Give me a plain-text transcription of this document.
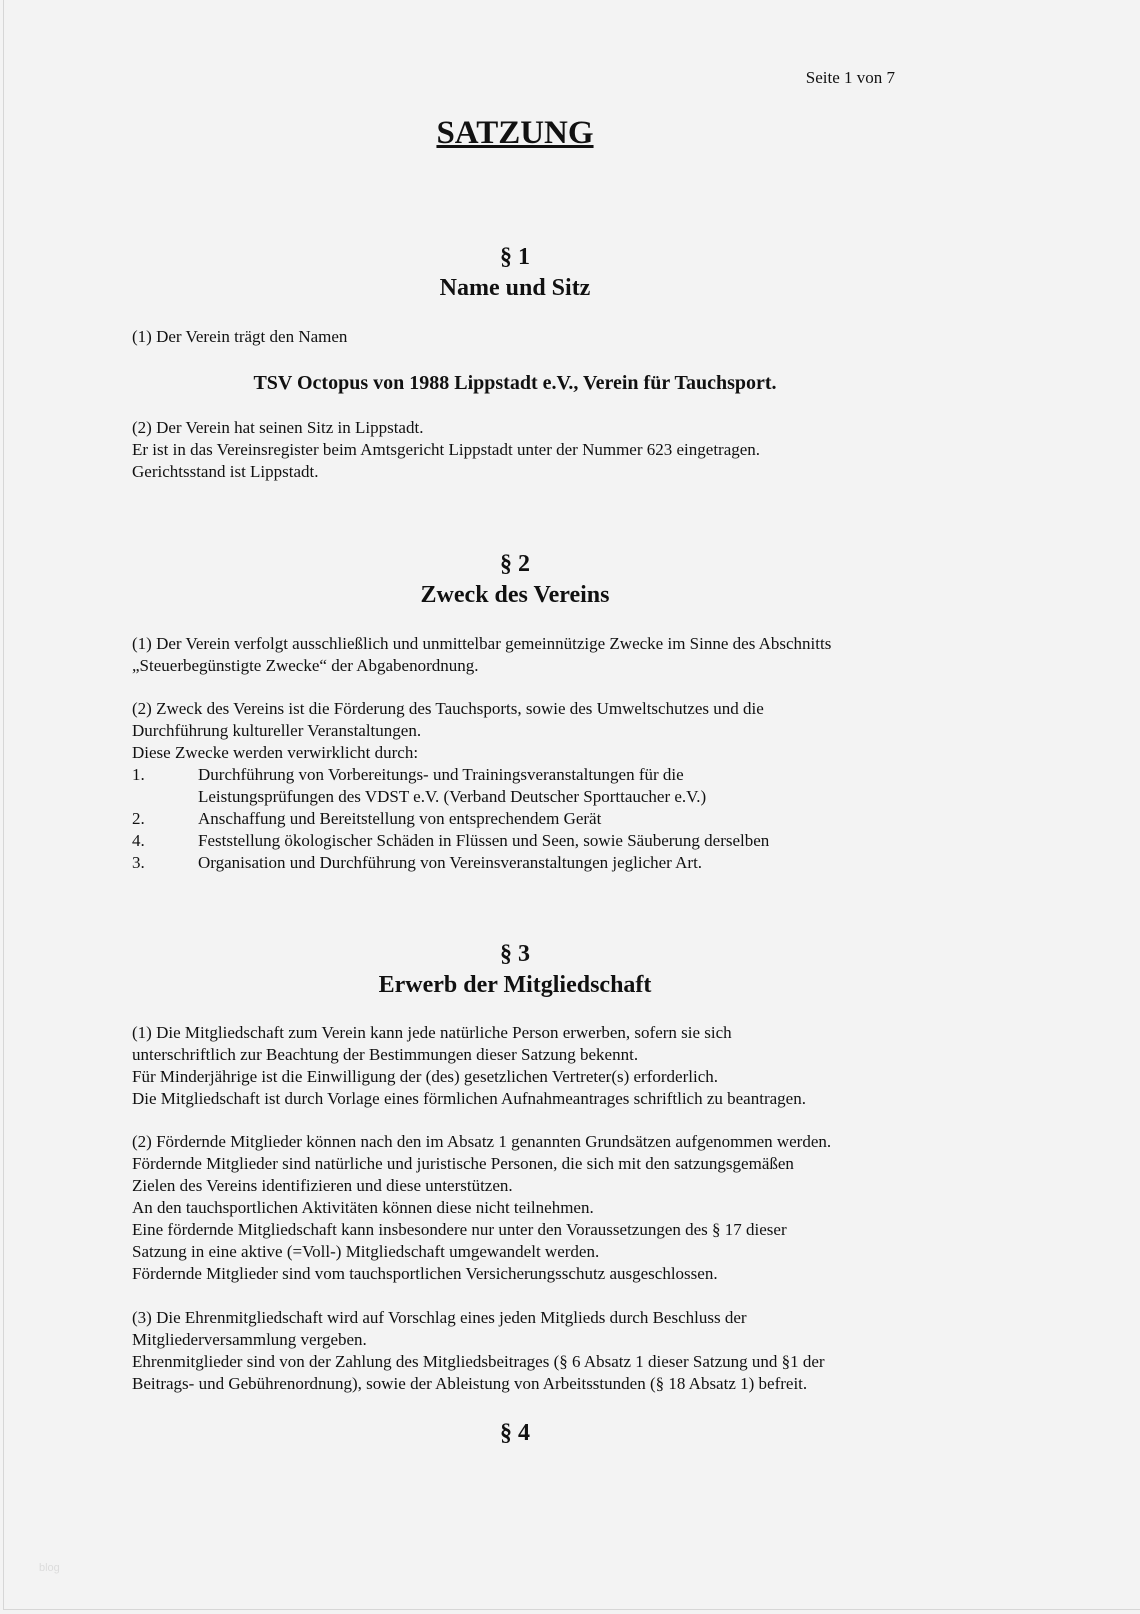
Seite 1 von 7
SATZUNG
§ 1
Name und Sitz
(1) Der Verein trägt den Namen
TSV Octopus von 1988 Lippstadt e.V., Verein für Tauchsport.
(2) Der Verein hat seinen Sitz in Lippstadt.
Er ist in das Vereinsregister beim Amtsgericht Lippstadt unter der Nummer 623 eingetragen.
Gerichtsstand ist Lippstadt.
§ 2
Zweck des Vereins
(1) Der Verein verfolgt ausschließlich und unmittelbar gemeinnützige Zwecke im Sinne des Abschnitts
„Steuerbegünstigte Zwecke“ der Abgabenordnung.
(2) Zweck des Vereins ist die Förderung des Tauchsports, sowie des Umweltschutzes und die
Durchführung kultureller Veranstaltungen.
Diese Zwecke werden verwirklicht durch:
1.	Durchführung von Vorbereitungs- und Trainingsveranstaltungen für die
Leistungsprüfungen des VDST e.V. (Verband Deutscher Sporttaucher e.V.)
2.	Anschaffung und Bereitstellung von entsprechendem Gerät
4.	Feststellung ökologischer Schäden in Flüssen und Seen, sowie Säuberung derselben
3.	Organisation und Durchführung von Vereinsveranstaltungen jeglicher Art.
§ 3
Erwerb der Mitgliedschaft
(1) Die Mitgliedschaft zum Verein kann jede natürliche Person erwerben, sofern sie sich
unterschriftlich zur Beachtung der Bestimmungen dieser Satzung bekennt.
Für Minderjährige ist die Einwilligung der (des) gesetzlichen Vertreter(s) erforderlich.
Die Mitgliedschaft ist durch Vorlage eines förmlichen Aufnahmeantrages schriftlich zu beantragen.
(2) Fördernde Mitglieder können nach den im Absatz 1 genannten Grundsätzen aufgenommen werden.
Fördernde Mitglieder sind natürliche und juristische Personen, die sich mit den satzungsgemäßen
Zielen des Vereins identifizieren und diese unterstützen.
An den tauchsportlichen Aktivitäten können diese nicht teilnehmen.
Eine fördernde Mitgliedschaft kann insbesondere nur unter den Voraussetzungen des § 17 dieser
Satzung in eine aktive (=Voll-) Mitgliedschaft umgewandelt werden.
Fördernde Mitglieder sind vom tauchsportlichen Versicherungsschutz ausgeschlossen.
(3) Die Ehrenmitgliedschaft wird auf Vorschlag eines jeden Mitglieds durch Beschluss der
Mitgliederversammlung vergeben.
Ehrenmitglieder sind von der Zahlung des Mitgliedsbeitrages (§ 6 Absatz 1 dieser Satzung und §1 der
Beitrags- und Gebührenordnung), sowie der Ableistung von Arbeitsstunden (§ 18 Absatz 1) befreit.
§ 4
blog
